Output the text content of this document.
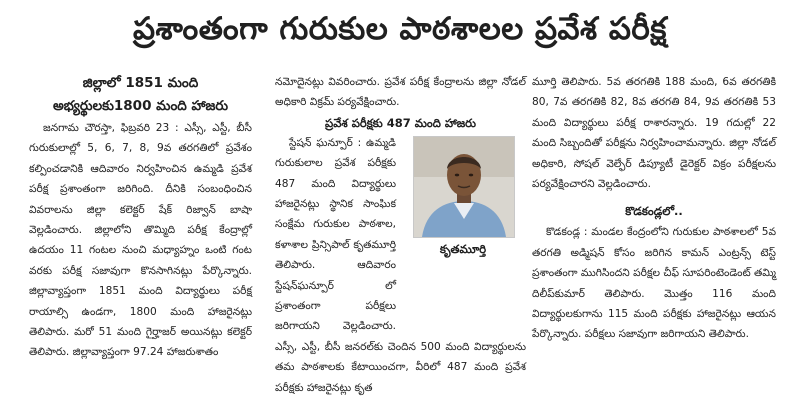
ప్రశాంతంగా గురుకుల పాఠశాలల ప్రవేశ పరీక్ష
జిల్లాలో 1851 మంది
అభ్యర్థులకు1800 మంది హాజరు

జనగామ చౌరస్తా, ఫిబ్రవరి 23 : ఎస్సీ, ఎస్టీ, బీసీ గురుకులాల్లో 5, 6, 7, 8, 9వ తరగతిలో ప్రవేశం కల్పించడానికి ఆదివారం నిర్వహించిన ఉమ్మడి ప్రవేశ పరీక్ష ప్రశాంతంగా జరిగింది. దీనికి సంబంధించిన వివరాలను జిల్లా కలెక్టర్ షేక్ రిజ్వాన్ బాషా వెల్లడించారు. జిల్లాలోని తొమ్మిది పరీక్ష కేంద్రాల్లో ఉదయం 11 గంటల నుంచి మధ్యాహ్నం ఒంటి గంట వరకు పరీక్ష సజావుగా కొనసాగినట్లు పేర్కొన్నారు. జిల్లావ్యాప్తంగా 1851 మంది విద్యార్థులు పరీక్ష రాయాల్సి ఉండగా, 1800 మంది హాజరైనట్లు తెలిపారు. మరో 51 మంది గైర్హాజర్ అయినట్లు కలెక్టర్ తెలిపారు. జిల్లావ్యాప్తంగా 97.24 హాజరుశాతం

నమోదైనట్లు వివరించారు. ప్రవేశ పరీక్ష కేంద్రాలను జిల్లా నోడల్ అధికారి విక్రమ్ పర్యవేక్షించారు.

ప్రవేశ పరీక్షకు 487 మంది హాజరు

స్టేషన్ ఘన్పూర్ : ఉమ్మడి గురుకులాల ప్రవేశ పరీక్షకు 487 మంది విద్యార్థులు హాజరైనట్లు స్థానిక సాంఘిక సంక్షేమ గురుకుల పాఠశాల, కళాశాల ప్రిన్సిపాల్ కృతమూర్తి తెలిపారు. ఆదివారం స్టేషన్‌ఘన్పూర్ లో ప్రశాంతంగా పరీక్షలు జరిగాయని వెల్లడించారు. ఎస్సీ, ఎస్టీ, బీసీ జనరల్‌కు చెందిన 500 మంది విద్యార్థులను తమ పాఠశాలకు కేటాయించగా, వీరిలో 487 మంది ప్రవేశ పరీక్షకు హాజరైనట్లు కృత

కృతమూర్తి

మూర్తి తెలిపారు. 5వ తరగతికి 188 మంది, 6వ తరగతికి 80, 7వ తరగతికి 82, 8వ తరగతి 84, 9వ తరగతికి 53 మంది విద్యార్థులు పరీక్ష రాశారన్నారు. 19 గదుల్లో 22 మంది సిబ్బందితో పరీక్షను నిర్వహించామన్నారు. జిల్లా నోడల్ అధికారి, సోషల్ వెల్ఫేర్ డిప్యూటీ డైరెక్టర్ విక్రం పరీక్షలను పర్యవేక్షించారని వెల్లడించారు.

కొడకండ్లలో..

కొడకండ్ల : మండల కేంద్రంలోని గురుకుల పాఠశాలలో 5వ తరగతి అడ్మిషన్ కోసం జరిగిన కామన్ ఎంట్రన్స్ టెస్ట్ ప్రశాంతంగా ముగిసిందని పరీక్షల చీఫ్ సూపరింటెండెంట్ తమ్మి దిలీప్‌కుమార్ తెలిపారు. మొత్తం 116 మంది విద్యార్థులకుగాను 115 మంది పరీక్షకు హాజరైనట్లు ఆయన పేర్కొన్నారు. పరీక్షలు సజావుగా జరిగాయని తెలిపారు.
